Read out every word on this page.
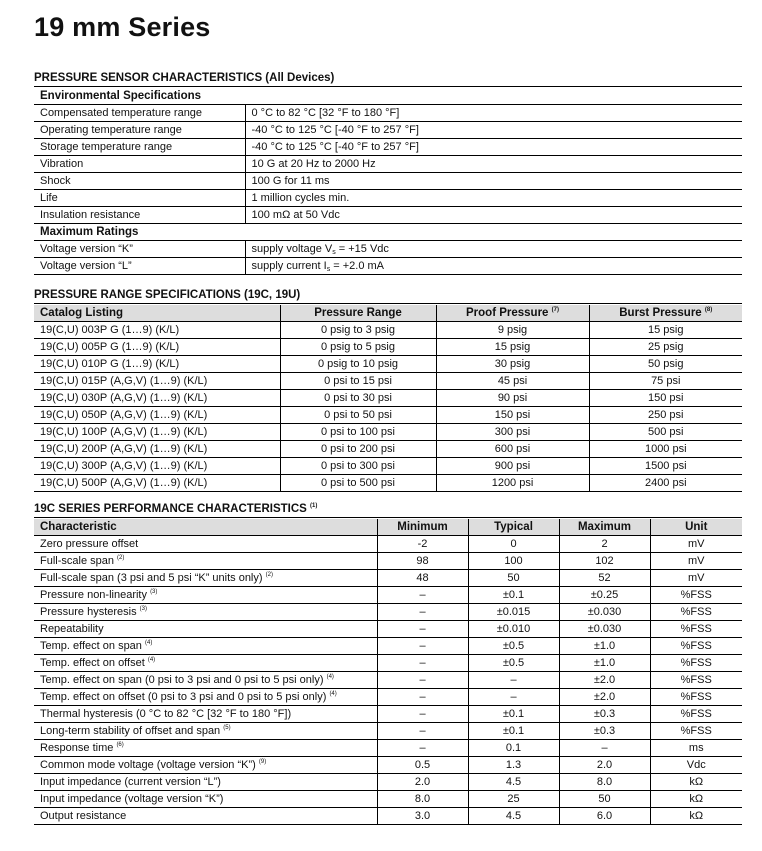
19 mm Series
PRESSURE SENSOR CHARACTERISTICS (All Devices)
Environmental Specifications	
Compensated temperature range	0 °C to 82 °C [32 °F to 180 °F]
Operating temperature range	-40 °C to 125 °C [-40 °F to 257 °F]
Storage temperature range	-40 °C to 125 °C [-40 °F to 257 °F]
Vibration	10 G at 20 Hz to 2000 Hz
Shock	100 G for 11 ms
Life	1 million cycles min.
Insulation resistance	100 mΩ at 50 Vdc
Maximum Ratings	
Voltage version “K”	supply voltage $V_s = +15$ Vdc
Voltage version “L”	supply current $I_s = +2.0$ mA
PRESSURE RANGE SPECIFICATIONS (19C, 19U)
Catalog Listing	Pressure Range	Proof Pressure $^{(7)}$	Burst Pressure $^{(8)}$
19(C,U) 003P G (1…9) (K/L)	0 psig to 3 psig	9 psig	15 psig
19(C,U) 005P G (1…9) (K/L)	0 psig to 5 psig	15 psig	25 psig
19(C,U) 010P G (1…9) (K/L)	0 psig to 10 psig	30 psig	50 psig
19(C,U) 015P (A,G,V) (1…9) (K/L)	0 psi to 15 psi	45 psi	75 psi
19(C,U) 030P (A,G,V) (1…9) (K/L)	0 psi to 30 psi	90 psi	150 psi
19(C,U) 050P (A,G,V) (1…9) (K/L)	0 psi to 50 psi	150 psi	250 psi
19(C,U) 100P (A,G,V) (1…9) (K/L)	0 psi to 100 psi	300 psi	500 psi
19(C,U) 200P (A,G,V) (1…9) (K/L)	0 psi to 200 psi	600 psi	1000 psi
19(C,U) 300P (A,G,V) (1…9) (K/L)	0 psi to 300 psi	900 psi	1500 psi
19(C,U) 500P (A,G,V) (1…9) (K/L)	0 psi to 500 psi	1200 psi	2400 psi
19C SERIES PERFORMANCE CHARACTERISTICS $^{(1)}$
Characteristic	Minimum	Typical	Maximum	Unit
Zero pressure offset	-2	0	2	mV
Full-scale span $^{(2)}$	98	100	102	mV
Full-scale span (3 psi and 5 psi “K” units only) $^{(2)}$	48	50	52	mV
Pressure non-linearity $^{(3)}$	–	±0.1	±0.25	%FSS
Pressure hysteresis $^{(3)}$	–	±0.015	±0.030	%FSS
Repeatability	–	±0.010	±0.030	%FSS
Temp. effect on span $^{(4)}$	–	±0.5	±1.0	%FSS
Temp. effect on offset $^{(4)}$	–	±0.5	±1.0	%FSS
Temp. effect on span (0 psi to 3 psi and 0 psi to 5 psi only) $^{(4)}$	–	–	±2.0	%FSS
Temp. effect on offset (0 psi to 3 psi and 0 psi to 5 psi only) $^{(4)}$	–	–	±2.0	%FSS
Thermal hysteresis (0 °C to 82 °C [32 °F to 180 °F])	–	±0.1	±0.3	%FSS
Long-term stability of offset and span $^{(5)}$	–	±0.1	±0.3	%FSS
Response time $^{(6)}$	–	0.1	–	ms
Common mode voltage (voltage version “K”) $^{(9)}$	0.5	1.3	2.0	Vdc
Input impedance (current version “L”)	2.0	4.5	8.0	kΩ
Input impedance (voltage version “K”)	8.0	25	50	kΩ
Output resistance	3.0	4.5	6.0	kΩ
